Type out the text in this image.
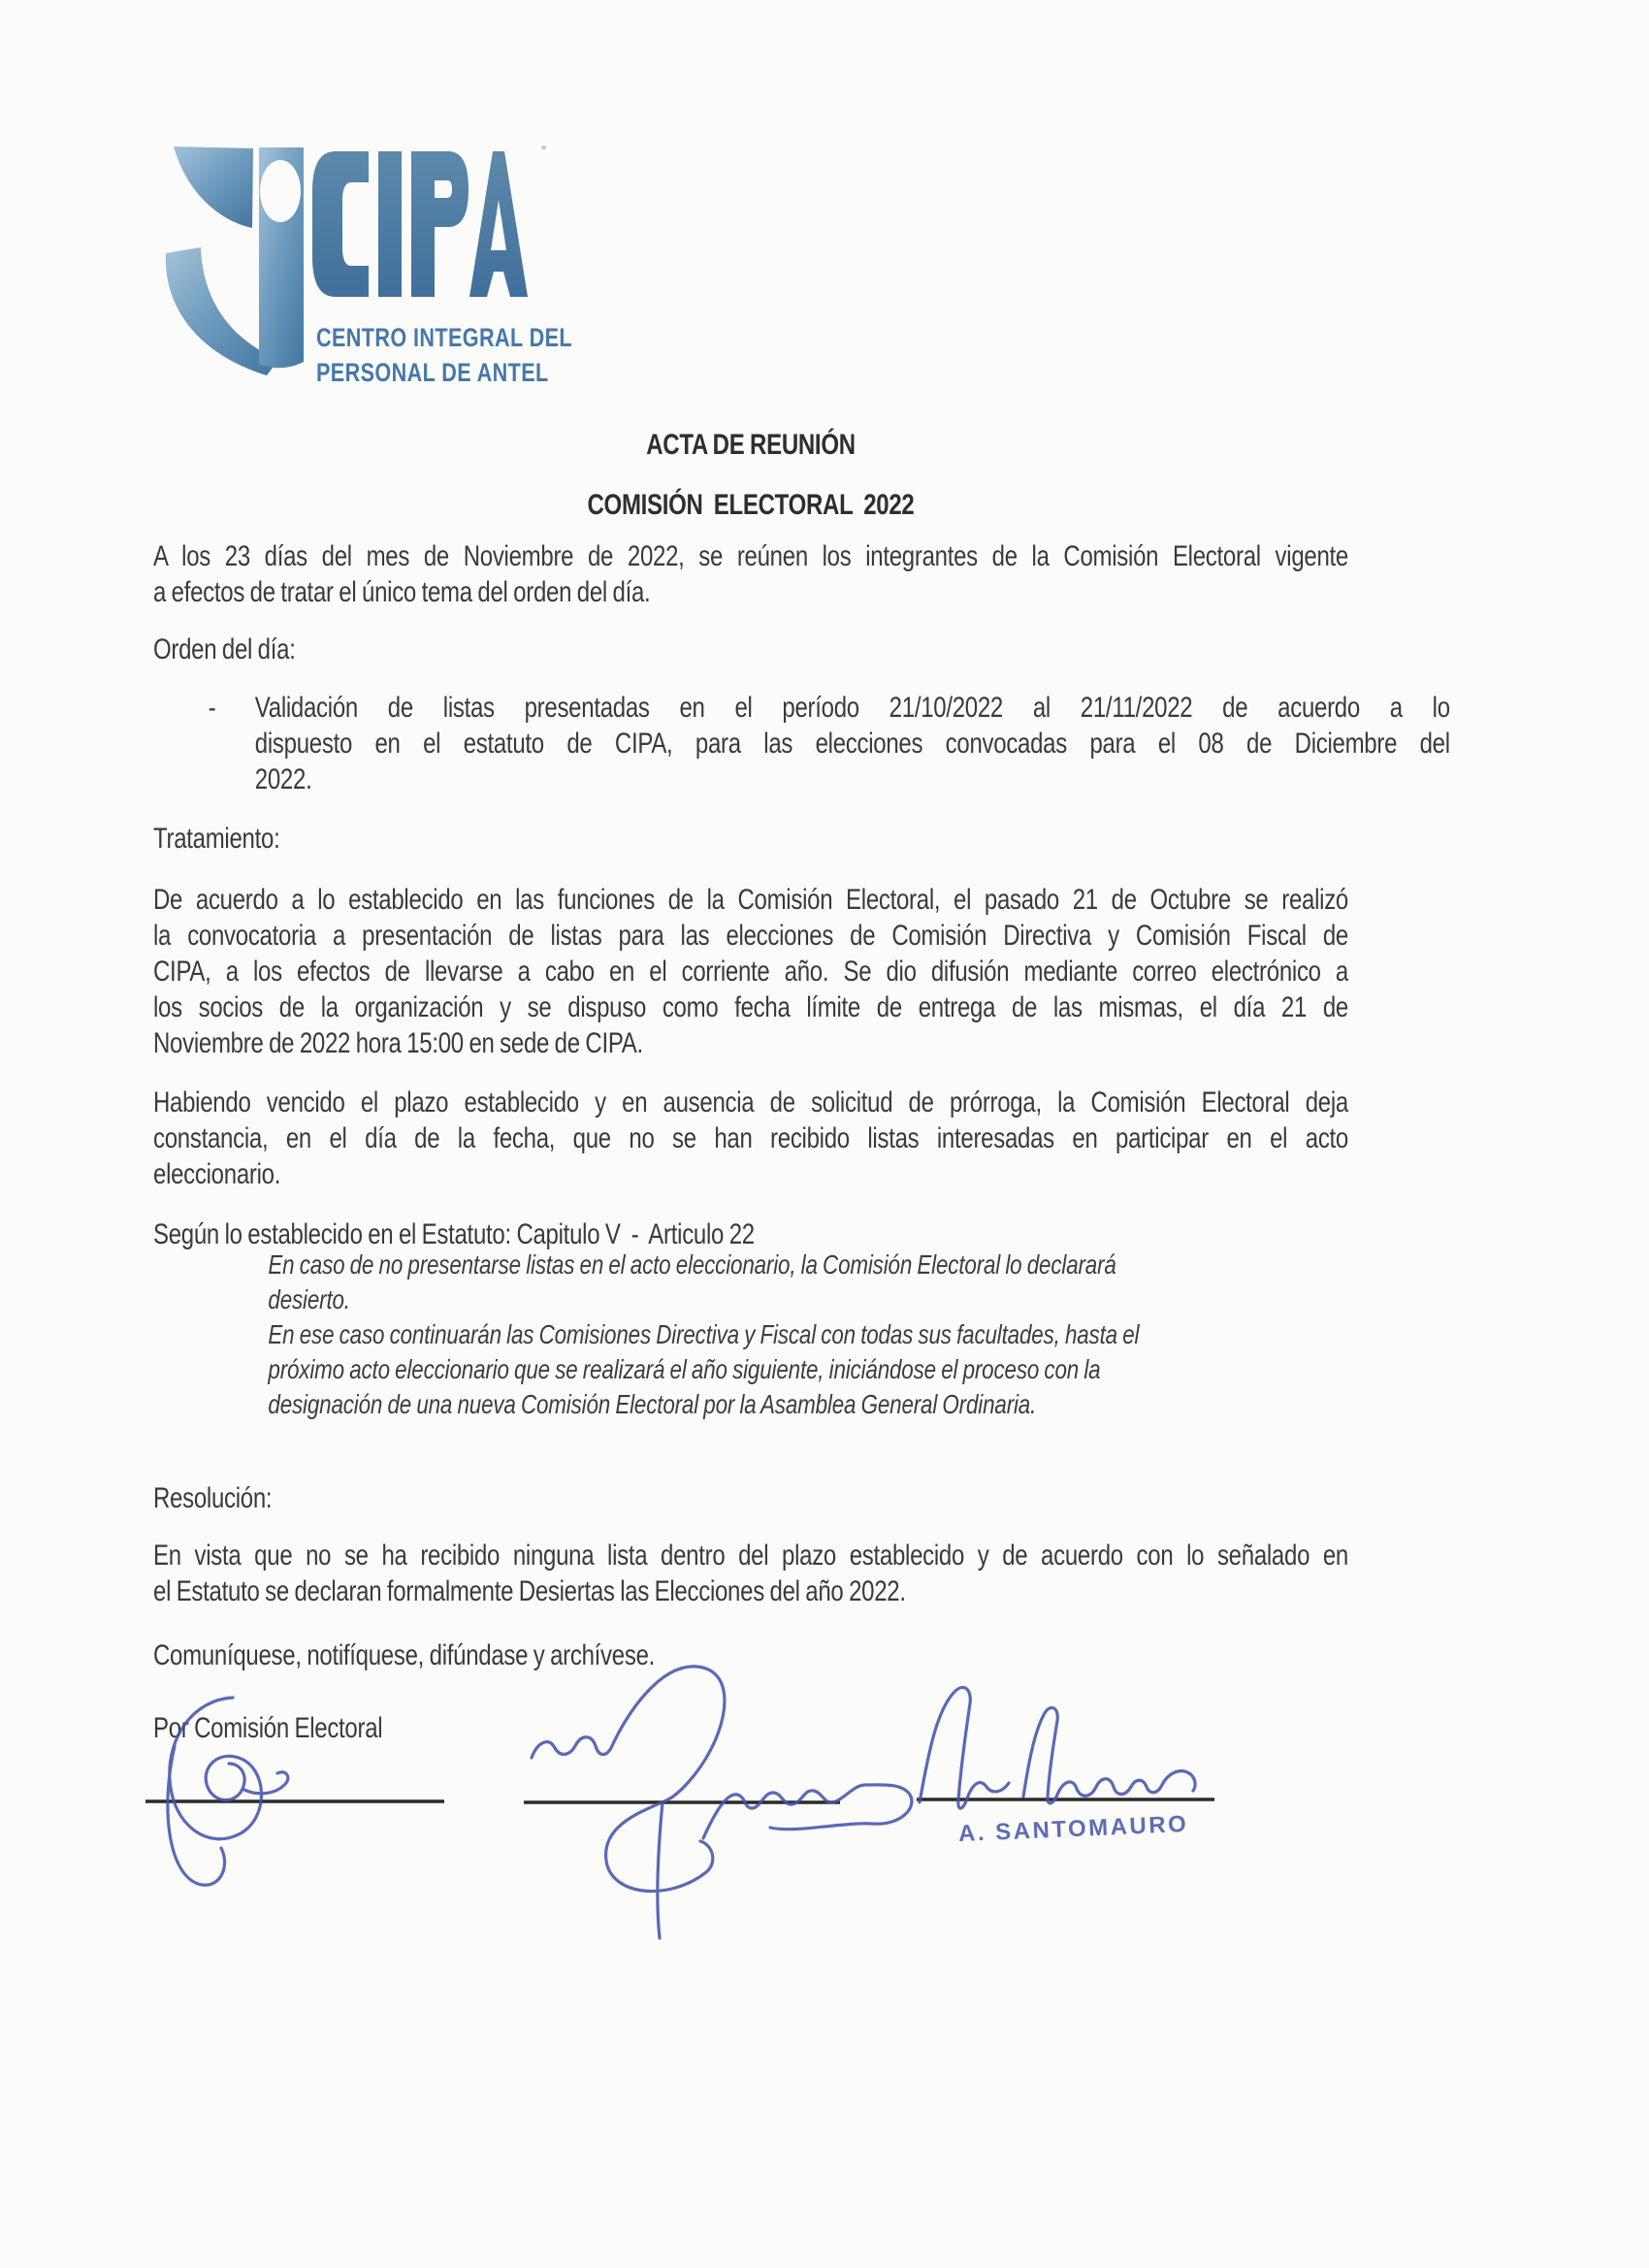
CENTRO INTEGRAL DEL
PERSONAL DE ANTEL
ACTA DE REUNIÓN
COMISIÓN  ELECTORAL  2022
A los 23 días del mes de Noviembre de 2022, se reúnen los integrantes de la Comisión Electoral vigente
a efectos de tratar el único tema del orden del día.
Orden del día:
- Validación de listas presentadas en el período 21/10/2022 al 21/11/2022 de acuerdo a lo
dispuesto en el estatuto de CIPA, para las elecciones convocadas para el 08 de Diciembre del
2022.
Tratamiento:
De acuerdo a lo establecido en las funciones de la Comisión Electoral, el pasado 21 de Octubre se realizó
la convocatoria a presentación de listas para las elecciones de Comisión Directiva y Comisión Fiscal de
CIPA, a los efectos de llevarse a cabo en el corriente año. Se dio difusión mediante correo electrónico a
los socios de la organización y se dispuso como fecha límite de entrega de las mismas, el día 21 de
Noviembre de 2022 hora 15:00 en sede de CIPA.
Habiendo vencido el plazo establecido y en ausencia de solicitud de prórroga, la Comisión Electoral deja
constancia, en el día de la fecha, que no se han recibido listas interesadas en participar en el acto
eleccionario.
Según lo establecido en el Estatuto: Capitulo V  -  Articulo 22
En caso de no presentarse listas en el acto eleccionario, la Comisión Electoral lo declarará
desierto.
En ese caso continuarán las Comisiones Directiva y Fiscal con todas sus facultades, hasta el
próximo acto eleccionario que se realizará el año siguiente, iniciándose el proceso con la
designación de una nueva Comisión Electoral por la Asamblea General Ordinaria.
Resolución:
En vista que no se ha recibido ninguna lista dentro del plazo establecido y de acuerdo con lo señalado en
el Estatuto se declaran formalmente Desiertas las Elecciones del año 2022.
Comuníquese, notifíquese, difúndase y archívese.
Por Comisión Electoral
A. SANTOMAURO
